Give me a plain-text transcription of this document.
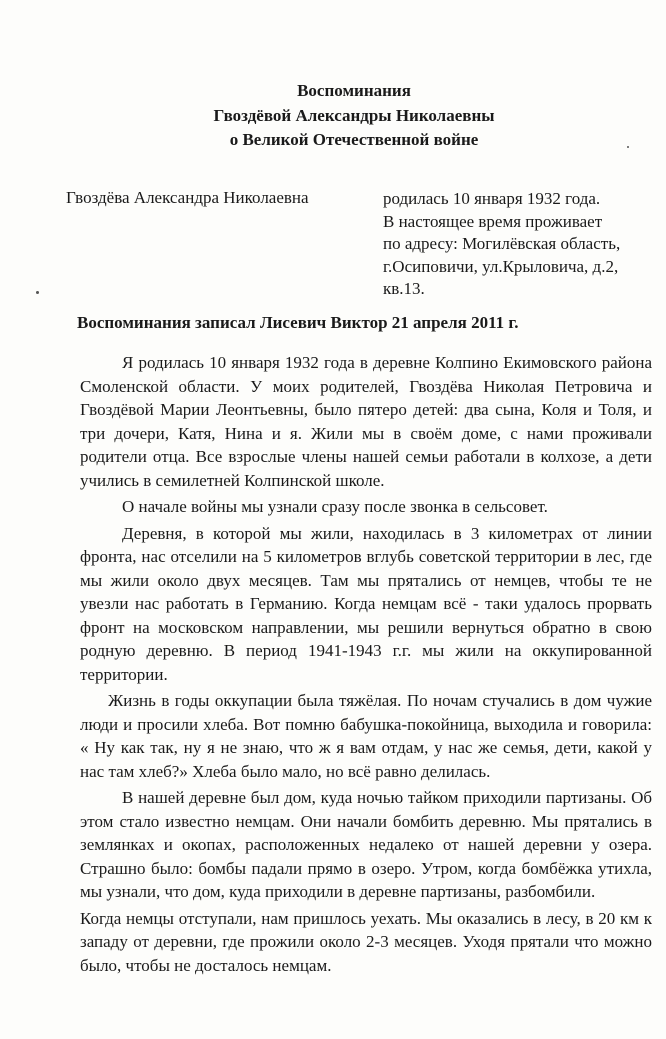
Воспоминания
Гвоздёвой Александры Николаевны
о Великой Отечественной войне
Гвоздёва Александра Николаевна	родилась 10 января 1932 года.
В настоящее время проживает
по адресу: Могилёвская область,
г.Осиповичи, ул.Крыловича, д.2,
кв.13.
Воспоминания записал Лисевич Виктор 21 апреля 2011 г.

Я родилась 10 января 1932 года в деревне Колпино Екимовского района Смоленской области. У моих родителей, Гвоздёва Николая Петровича и Гвоздёвой Марии Леонтьевны, было пятеро детей: два сына, Коля и Толя, и три дочери, Катя, Нина и я. Жили мы в своём доме, с нами проживали родители отца. Все взрослые члены нашей семьи работали в колхозе, а дети учились в семилетней Колпинской школе.

О начале войны мы узнали сразу после звонка в сельсовет.

Деревня, в которой мы жили, находилась в 3 километрах от линии фронта, нас отселили на 5 километров вглубь советской территории в лес, где мы жили около двух месяцев. Там мы прятались от немцев, чтобы те не увезли нас работать в Германию. Когда немцам всё - таки удалось прорвать фронт на московском направлении, мы решили вернуться обратно в свою родную деревню. В период 1941-1943 г.г. мы жили на оккупированной территории.

Жизнь в годы оккупации была тяжёлая. По ночам стучались в дом чужие люди и просили хлеба. Вот помню бабушка-покойница, выходила и говорила: « Ну как так, ну я не знаю, что ж я вам отдам, у нас же семья, дети, какой у нас там хлеб?» Хлеба было мало, но всё равно делилась.

В нашей деревне был дом, куда ночью тайком приходили партизаны. Об этом стало известно немцам. Они начали бомбить деревню. Мы прятались в землянках и окопах, расположенных недалеко от нашей деревни у озера. Страшно было: бомбы падали прямо в озеро. Утром, когда бомбёжка утихла, мы узнали, что дом, куда приходили в деревне партизаны, разбомбили.

Когда немцы отступали, нам пришлось уехать. Мы оказались в лесу, в 20 км к западу от деревни, где прожили около 2-3 месяцев. Уходя прятали что можно было, чтобы не досталось немцам.
